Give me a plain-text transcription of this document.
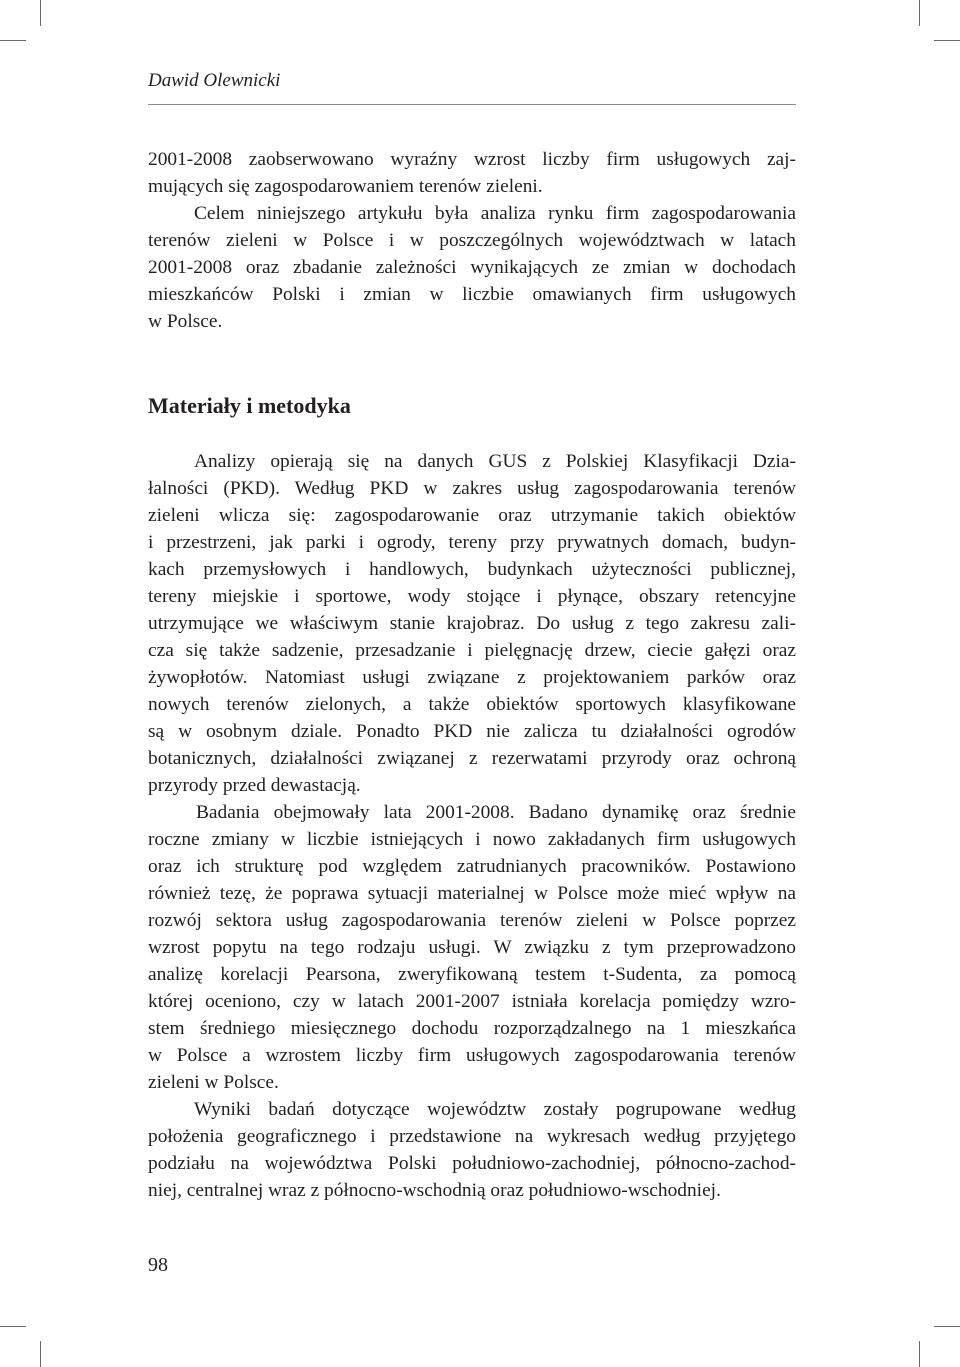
Dawid Olewnicki
2001-2008 zaobserwowano wyraźny wzrost liczby firm usługowych zaj-
mujących się zagospodarowaniem terenów zieleni.
Celem niniejszego artykułu była analiza rynku firm zagospodarowania
terenów zieleni w Polsce i w poszczególnych województwach w latach
2001-2008 oraz zbadanie zależności wynikających ze zmian w dochodach
mieszkańców Polski i zmian w liczbie omawianych firm usługowych
w Polsce.
Materiały i metodyka
Analizy opierają się na danych GUS z Polskiej Klasyfikacji Dzia-
łalności (PKD). Według PKD w zakres usług zagospodarowania terenów
zieleni wlicza się: zagospodarowanie oraz utrzymanie takich obiektów
i przestrzeni, jak parki i ogrody, tereny przy prywatnych domach, budyn-
kach przemysłowych i handlowych, budynkach użyteczności publicznej,
tereny miejskie i sportowe, wody stojące i płynące, obszary retencyjne
utrzymujące we właściwym stanie krajobraz. Do usług z tego zakresu zali-
cza się także sadzenie, przesadzanie i pielęgnację drzew, ciecie gałęzi oraz
żywopłotów. Natomiast usługi związane z projektowaniem parków oraz
nowych terenów zielonych, a także obiektów sportowych klasyfikowane
są w osobnym dziale. Ponadto PKD nie zalicza tu działalności ogrodów
botanicznych, działalności związanej z rezerwatami przyrody oraz ochroną
przyrody przed dewastacją.
Badania obejmowały lata 2001-2008. Badano dynamikę oraz średnie
roczne zmiany w liczbie istniejących i nowo zakładanych firm usługowych
oraz ich strukturę pod względem zatrudnianych pracowników. Postawiono
również tezę, że poprawa sytuacji materialnej w Polsce może mieć wpływ na
rozwój sektora usług zagospodarowania terenów zieleni w Polsce poprzez
wzrost popytu na tego rodzaju usługi. W związku z tym przeprowadzono
analizę korelacji Pearsona, zweryfikowaną testem t-Sudenta, za pomocą
której oceniono, czy w latach 2001-2007 istniała korelacja pomiędzy wzro-
stem średniego miesięcznego dochodu rozporządzalnego na 1 mieszkańca
w Polsce a wzrostem liczby firm usługowych zagospodarowania terenów
zieleni w Polsce.
Wyniki badań dotyczące województw zostały pogrupowane według
położenia geograficznego i przedstawione na wykresach według przyjętego
podziału na województwa Polski południowo-zachodniej, północno-zachod-
niej, centralnej wraz z północno-wschodnią oraz południowo-wschodniej.
98
